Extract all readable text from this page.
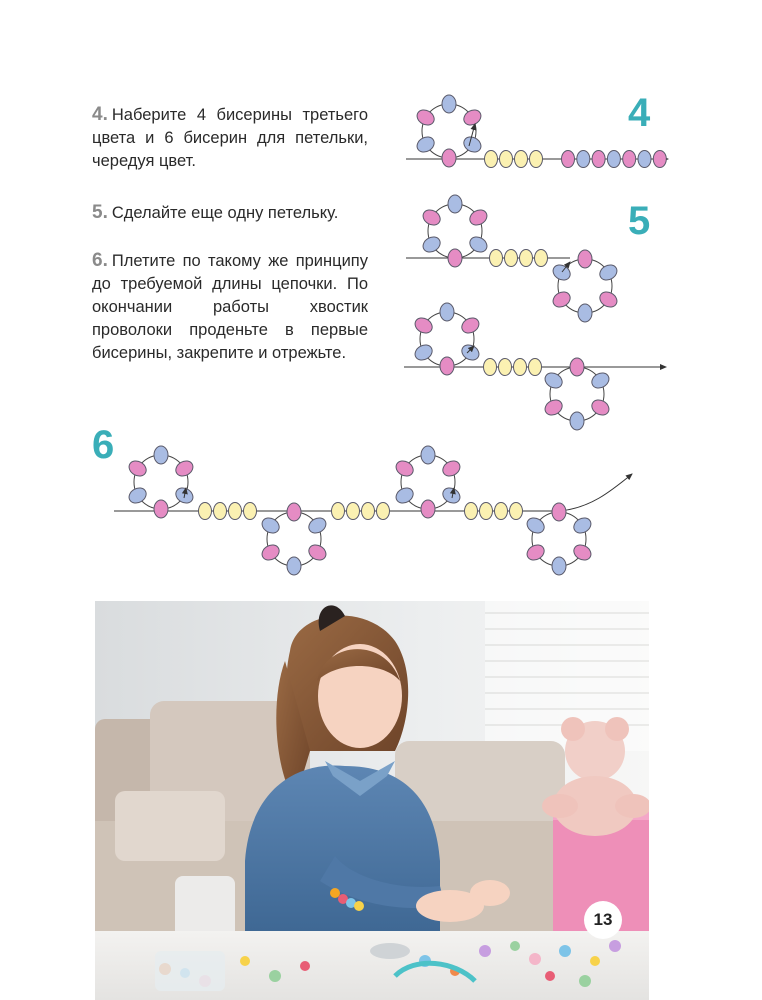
4. Наберите 4 бисерины третьего цвета и 6 бисерин для петельки, чередуя цвет.
5. Сделайте еще одну петельку.
6. Плетите по такому же принципу до требуемой длины цепочки. По окончании работы хвостик проволоки проденьте в первые бисерины, закрепите и отрежьте.
4
5
6
13
